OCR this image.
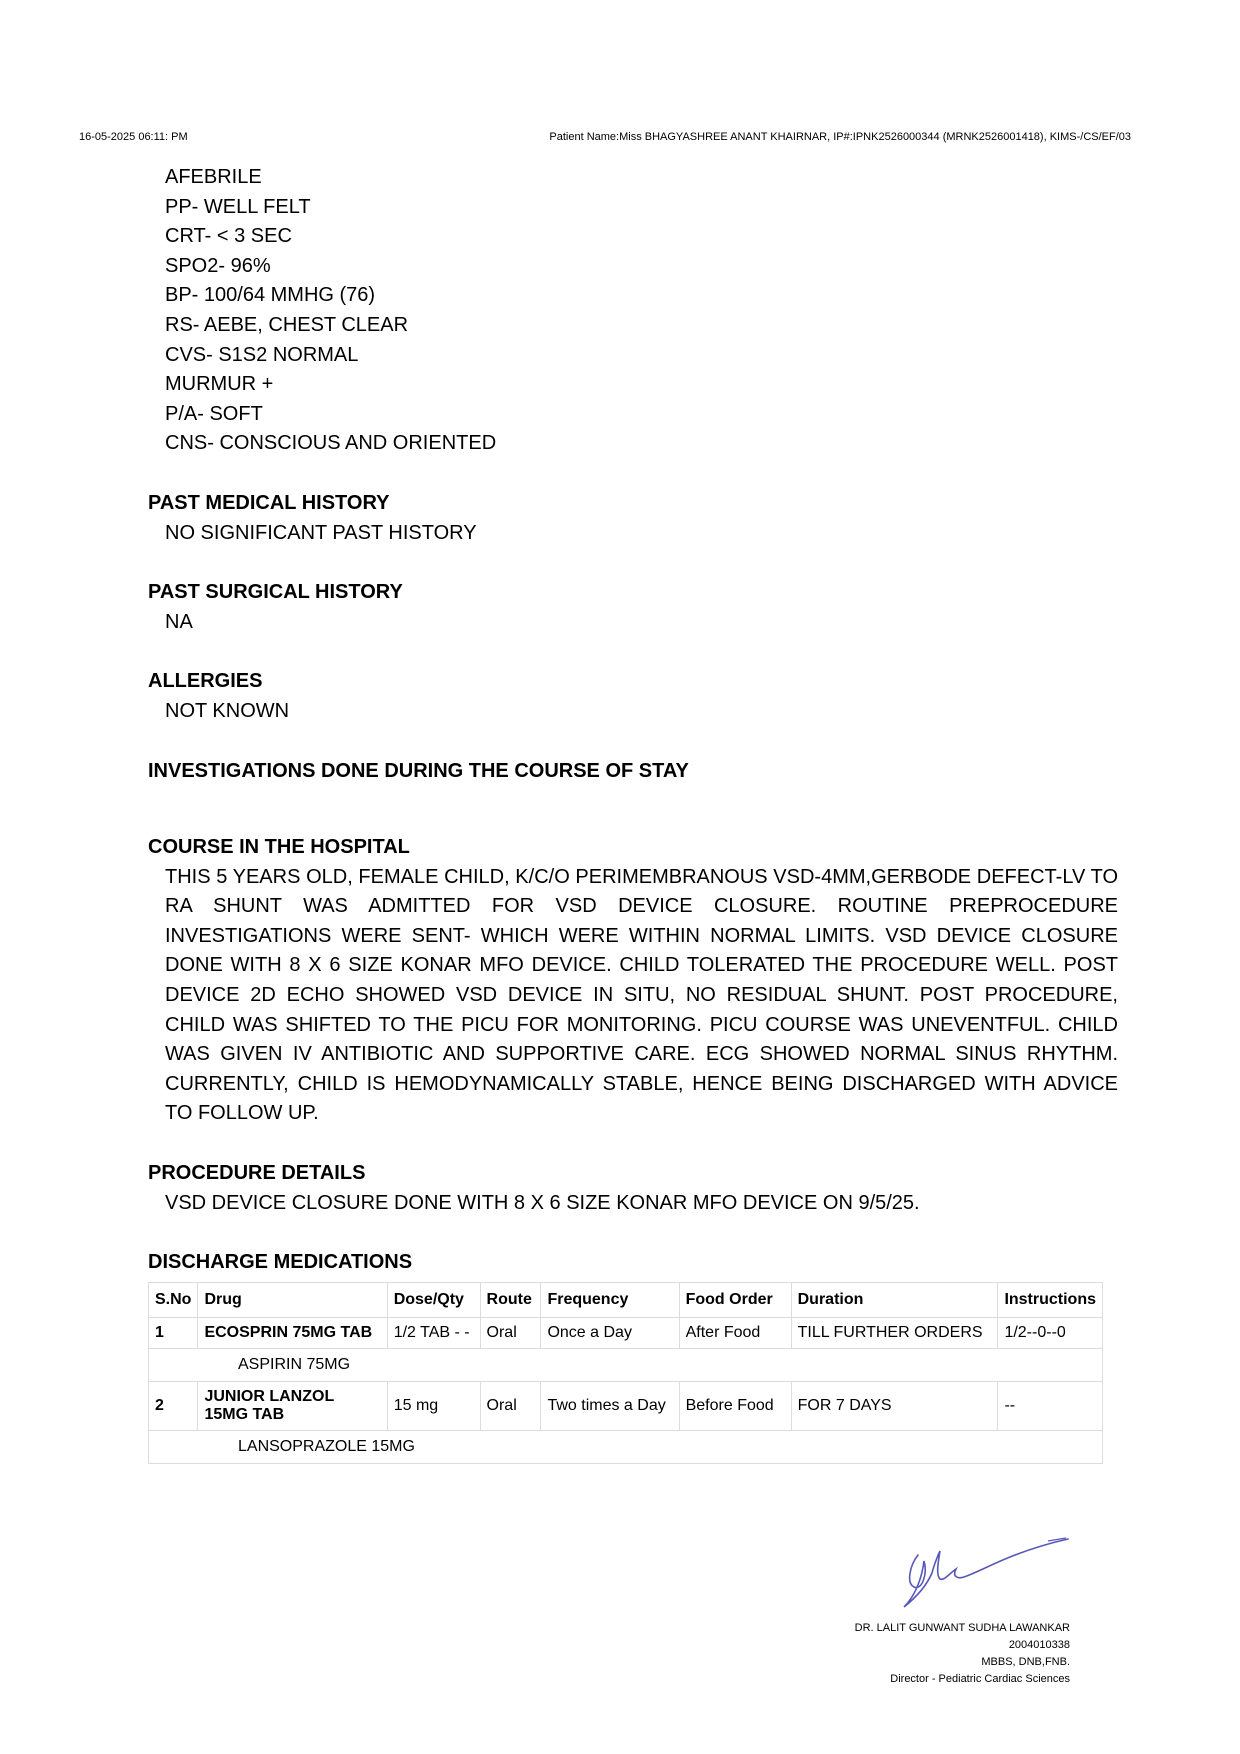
16-05-2025 06:11: PM	Patient Name:Miss BHAGYASHREE ANANT KHAIRNAR, IP#:IPNK2526000344 (MRNK2526001418), KIMS-/CS/EF/03
AFEBRILE
PP- WELL FELT
CRT- < 3 SEC
SPO2- 96%
BP- 100/64 MMHG (76)
RS- AEBE, CHEST CLEAR
CVS- S1S2 NORMAL
MURMUR +
P/A- SOFT
CNS- CONSCIOUS AND ORIENTED
PAST MEDICAL HISTORY
NO SIGNIFICANT PAST HISTORY
PAST SURGICAL HISTORY
NA
ALLERGIES
NOT KNOWN
INVESTIGATIONS DONE DURING THE COURSE OF STAY
COURSE IN THE HOSPITAL
THIS 5 YEARS OLD, FEMALE CHILD, K/C/O PERIMEMBRANOUS VSD-4MM,GERBODE DEFECT-LV TO RA SHUNT WAS ADMITTED FOR VSD DEVICE CLOSURE. ROUTINE PREPROCEDURE INVESTIGATIONS WERE SENT- WHICH WERE WITHIN NORMAL LIMITS. VSD DEVICE CLOSURE DONE WITH 8 X 6 SIZE KONAR MFO DEVICE. CHILD TOLERATED THE PROCEDURE WELL. POST DEVICE 2D ECHO SHOWED VSD DEVICE IN SITU, NO RESIDUAL SHUNT. POST PROCEDURE, CHILD WAS SHIFTED TO THE PICU FOR MONITORING. PICU COURSE WAS UNEVENTFUL. CHILD WAS GIVEN IV ANTIBIOTIC AND SUPPORTIVE CARE. ECG SHOWED NORMAL SINUS RHYTHM. CURRENTLY, CHILD IS HEMODYNAMICALLY STABLE, HENCE BEING DISCHARGED WITH ADVICE TO FOLLOW UP.
PROCEDURE DETAILS
VSD DEVICE CLOSURE DONE WITH 8 X 6 SIZE KONAR MFO DEVICE ON 9/5/25.
DISCHARGE MEDICATIONS
S.No	Drug	Dose/Qty	Route	Frequency	Food Order	Duration	Instructions
1	ECOSPRIN 75MG TAB	1/2 TAB - -	Oral	Once a Day	After Food	TILL FURTHER ORDERS	1/2--0--0
ASPIRIN 75MG							
2	JUNIOR LANZOL 15MG TAB	15 mg	Oral	Two times a Day	Before Food	FOR 7 DAYS	--
LANSOPRAZOLE 15MG							
DR. LALIT GUNWANT SUDHA LAWANKAR
2004010338
MBBS, DNB,FNB.
Director - Pediatric Cardiac Sciences
